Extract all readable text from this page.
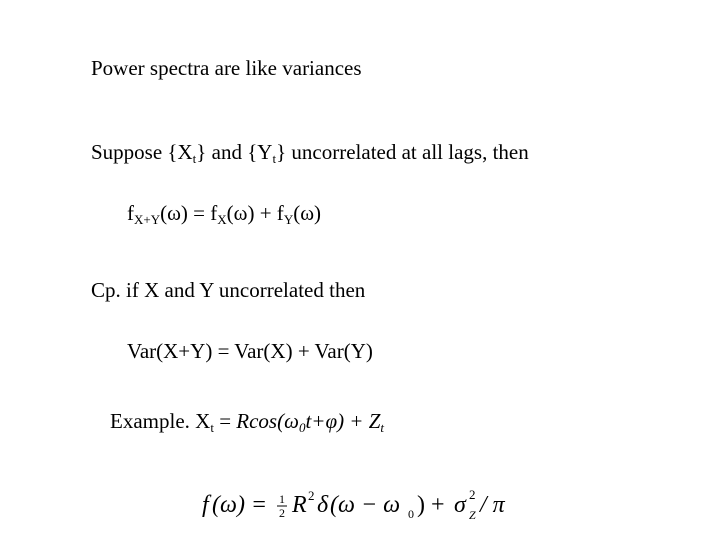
Power spectra are like variances
Suppose $\{X_t\}$ and $\{Y_t\}$ uncorrelated at all lags, then
$f_{X+Y}(\omega) = f_X(\omega) + f_Y(\omega)$
Cp. if X and Y uncorrelated then
Var(X+Y) = Var(X) + Var(Y)
Example. $X_t = Rcos(\omega_0t+\varphi) + Z_t$
f (ω) = 1
2 R 2 δ (ω − ω 0 ) + σ 2
Z / π
